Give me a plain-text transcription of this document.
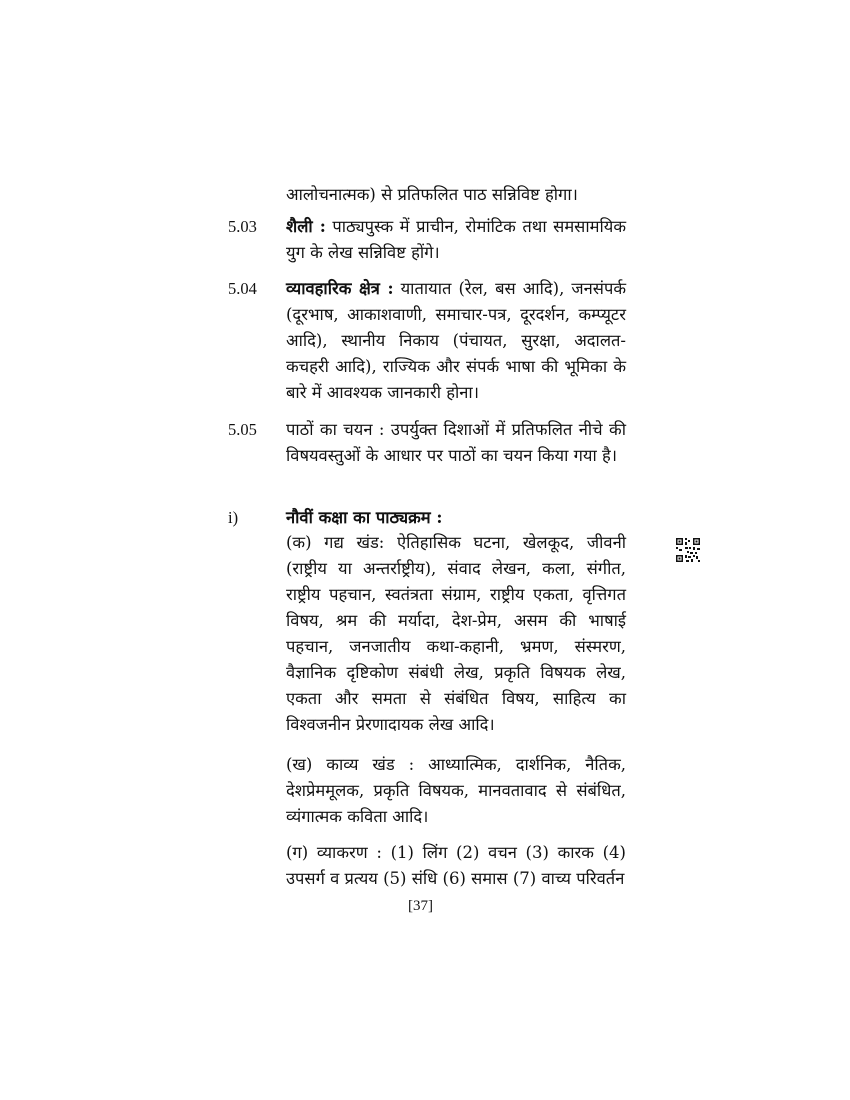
आलोचनात्मक) से प्रतिफलित पाठ सन्निविष्ट होगा।
5.03 शैली : पाठ्यपुस्क में प्राचीन, रोमांटिक तथा समसामयिक युग के लेख सन्निविष्ट होंगे।
5.04 व्यावहारिक क्षेत्र : यातायात (रेल, बस आदि), जनसंपर्क (दूरभाष, आकाशवाणी, समाचार-पत्र, दूरदर्शन, कम्प्यूटर आदि), स्थानीय निकाय (पंचायत, सुरक्षा, अदालत-कचहरी आदि), राज्यिक और संपर्क भाषा की भूमिका के बारे में आवश्यक जानकारी होना।
5.05 पाठों का चयन : उपर्युक्त दिशाओं में प्रतिफलित नीचे की विषयवस्तुओं के आधार पर पाठों का चयन किया गया है।
i)	नौवीं कक्षा का पाठ्यक्रम :
(क) गद्य खंड: ऐतिहासिक घटना, खेलकूद, जीवनी (राष्ट्रीय या अन्तर्राष्ट्रीय), संवाद लेखन, कला, संगीत, राष्ट्रीय पहचान, स्वतंत्रता संग्राम, राष्ट्रीय एकता, वृत्तिगत विषय, श्रम की मर्यादा, देश-प्रेम, असम की भाषाई पहचान, जनजातीय कथा-कहानी, भ्रमण, संस्मरण, वैज्ञानिक दृष्टिकोण संबंधी लेख, प्रकृति विषयक लेख, एकता और समता से संबंधित विषय, साहित्य का विश्वजनीन प्रेरणादायक लेख आदि।
(ख) काव्य खंड : आध्यात्मिक, दार्शनिक, नैतिक, देशप्रेममूलक, प्रकृति विषयक, मानवतावाद से संबंधित, व्यंगात्मक कविता आदि।
(ग) व्याकरण : (1) लिंग (2) वचन (3) कारक (4) उपसर्ग व प्रत्यय (5) संधि (6) समास (7) वाच्य परिवर्तन
[37]
